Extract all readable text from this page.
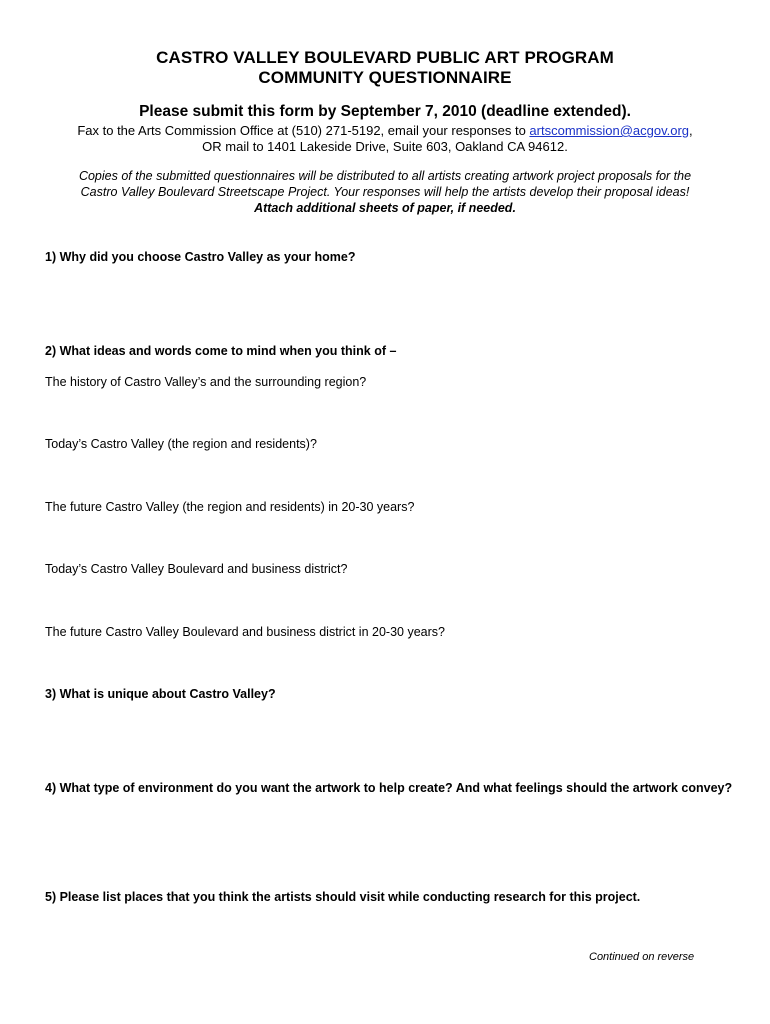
CASTRO VALLEY BOULEVARD PUBLIC ART PROGRAM
COMMUNITY QUESTIONNAIRE
Please submit this form by September 7, 2010 (deadline extended).
Fax to the Arts Commission Office at (510) 271-5192, email your responses to artscommission@acgov.org,
OR mail to 1401 Lakeside Drive, Suite 603, Oakland CA 94612.
Copies of the submitted questionnaires will be distributed to all artists creating artwork project proposals for the
Castro Valley Boulevard Streetscape Project. Your responses will help the artists develop their proposal ideas!
Attach additional sheets of paper, if needed.
1) Why did you choose Castro Valley as your home?
2) What ideas and words come to mind when you think of –
The history of Castro Valley’s and the surrounding region?
Today’s Castro Valley (the region and residents)?
The future Castro Valley (the region and residents) in 20-30 years?
Today’s Castro Valley Boulevard and business district?
The future Castro Valley Boulevard and business district in 20-30 years?
3) What is unique about Castro Valley?
4) What type of environment do you want the artwork to help create? And what feelings should the artwork convey?
5) Please list places that you think the artists should visit while conducting research for this project.
Continued on reverse
